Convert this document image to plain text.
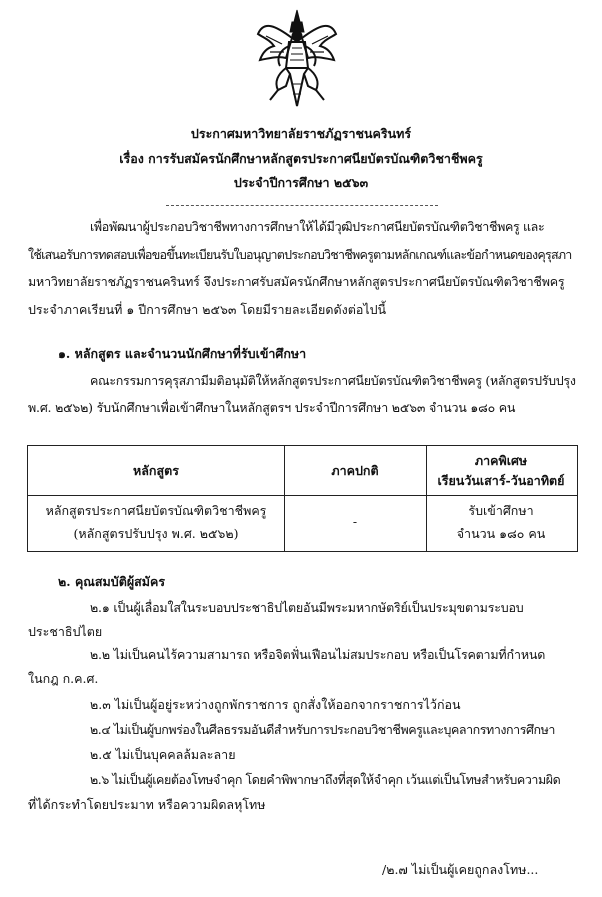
ประกาศมหาวิทยาลัยราชภัฏราชนครินทร์
เรื่อง การรับสมัครนักศึกษาหลักสูตรประกาศนียบัตรบัณฑิตวิชาชีพครู
ประจำปีการศึกษา ๒๕๖๓
เพื่อพัฒนาผู้ประกอบวิชาชีพทางการศึกษาให้ได้มีวุฒิประกาศนียบัตรบัณฑิตวิชาชีพครู และ
ใช้เสนอรับการทดสอบเพื่อขอขึ้นทะเบียนรับใบอนุญาตประกอบวิชาชีพครูตามหลักเกณฑ์และข้อกำหนดของคุรุสภา
มหาวิทยาลัยราชภัฏราชนครินทร์ จึงประกาศรับสมัครนักศึกษาหลักสูตรประกาศนียบัตรบัณฑิตวิชาชีพครู
ประจำภาคเรียนที่ ๑ ปีการศึกษา ๒๕๖๓ โดยมีรายละเอียดดังต่อไปนี้
๑. หลักสูตร และจำนวนนักศึกษาที่รับเข้าศึกษา
คณะกรรมการคุรุสภามีมติอนุมัติให้หลักสูตรประกาศนียบัตรบัณฑิตวิชาชีพครู (หลักสูตรปรับปรุง
พ.ศ. ๒๕๖๒) รับนักศึกษาเพื่อเข้าศึกษาในหลักสูตรฯ ประจำปีการศึกษา ๒๕๖๓ จำนวน ๑๘๐ คน
หลักสูตร	ภาคปกติ
ภาคพิเศษ
เรียนวันเสาร์-วันอาทิตย์
หลักสูตรประกาศนียบัตรบัณฑิตวิชาชีพครู
(หลักสูตรปรับปรุง พ.ศ. ๒๕๖๒)
-
รับเข้าศึกษา
จำนวน ๑๘๐ คน
๒. คุณสมบัติผู้สมัคร
๒.๑ เป็นผู้เลื่อมใสในระบอบประชาธิปไตยอันมีพระมหากษัตริย์เป็นประมุขตามระบอบ
ประชาธิปไตย
๒.๒ ไม่เป็นคนไร้ความสามารถ หรือจิตฟั่นเฟือนไม่สมประกอบ หรือเป็นโรคตามที่กำหนด
ในกฎ ก.ค.ศ.
๒.๓ ไม่เป็นผู้อยู่ระหว่างถูกพักราชการ ถูกสั่งให้ออกจากราชการไว้ก่อน
๒.๔ ไม่เป็นผู้บกพร่องในศีลธรรมอันดีสำหรับการประกอบวิชาชีพครูและบุคลากรทางการศึกษา
๒.๕ ไม่เป็นบุคคลล้มละลาย
๒.๖ ไม่เป็นผู้เคยต้องโทษจำคุก โดยคำพิพากษาถึงที่สุดให้จำคุก เว้นแต่เป็นโทษสำหรับความผิด
ที่ได้กระทำโดยประมาท หรือความผิดลหุโทษ
/๒.๗ ไม่เป็นผู้เคยถูกลงโทษ...
